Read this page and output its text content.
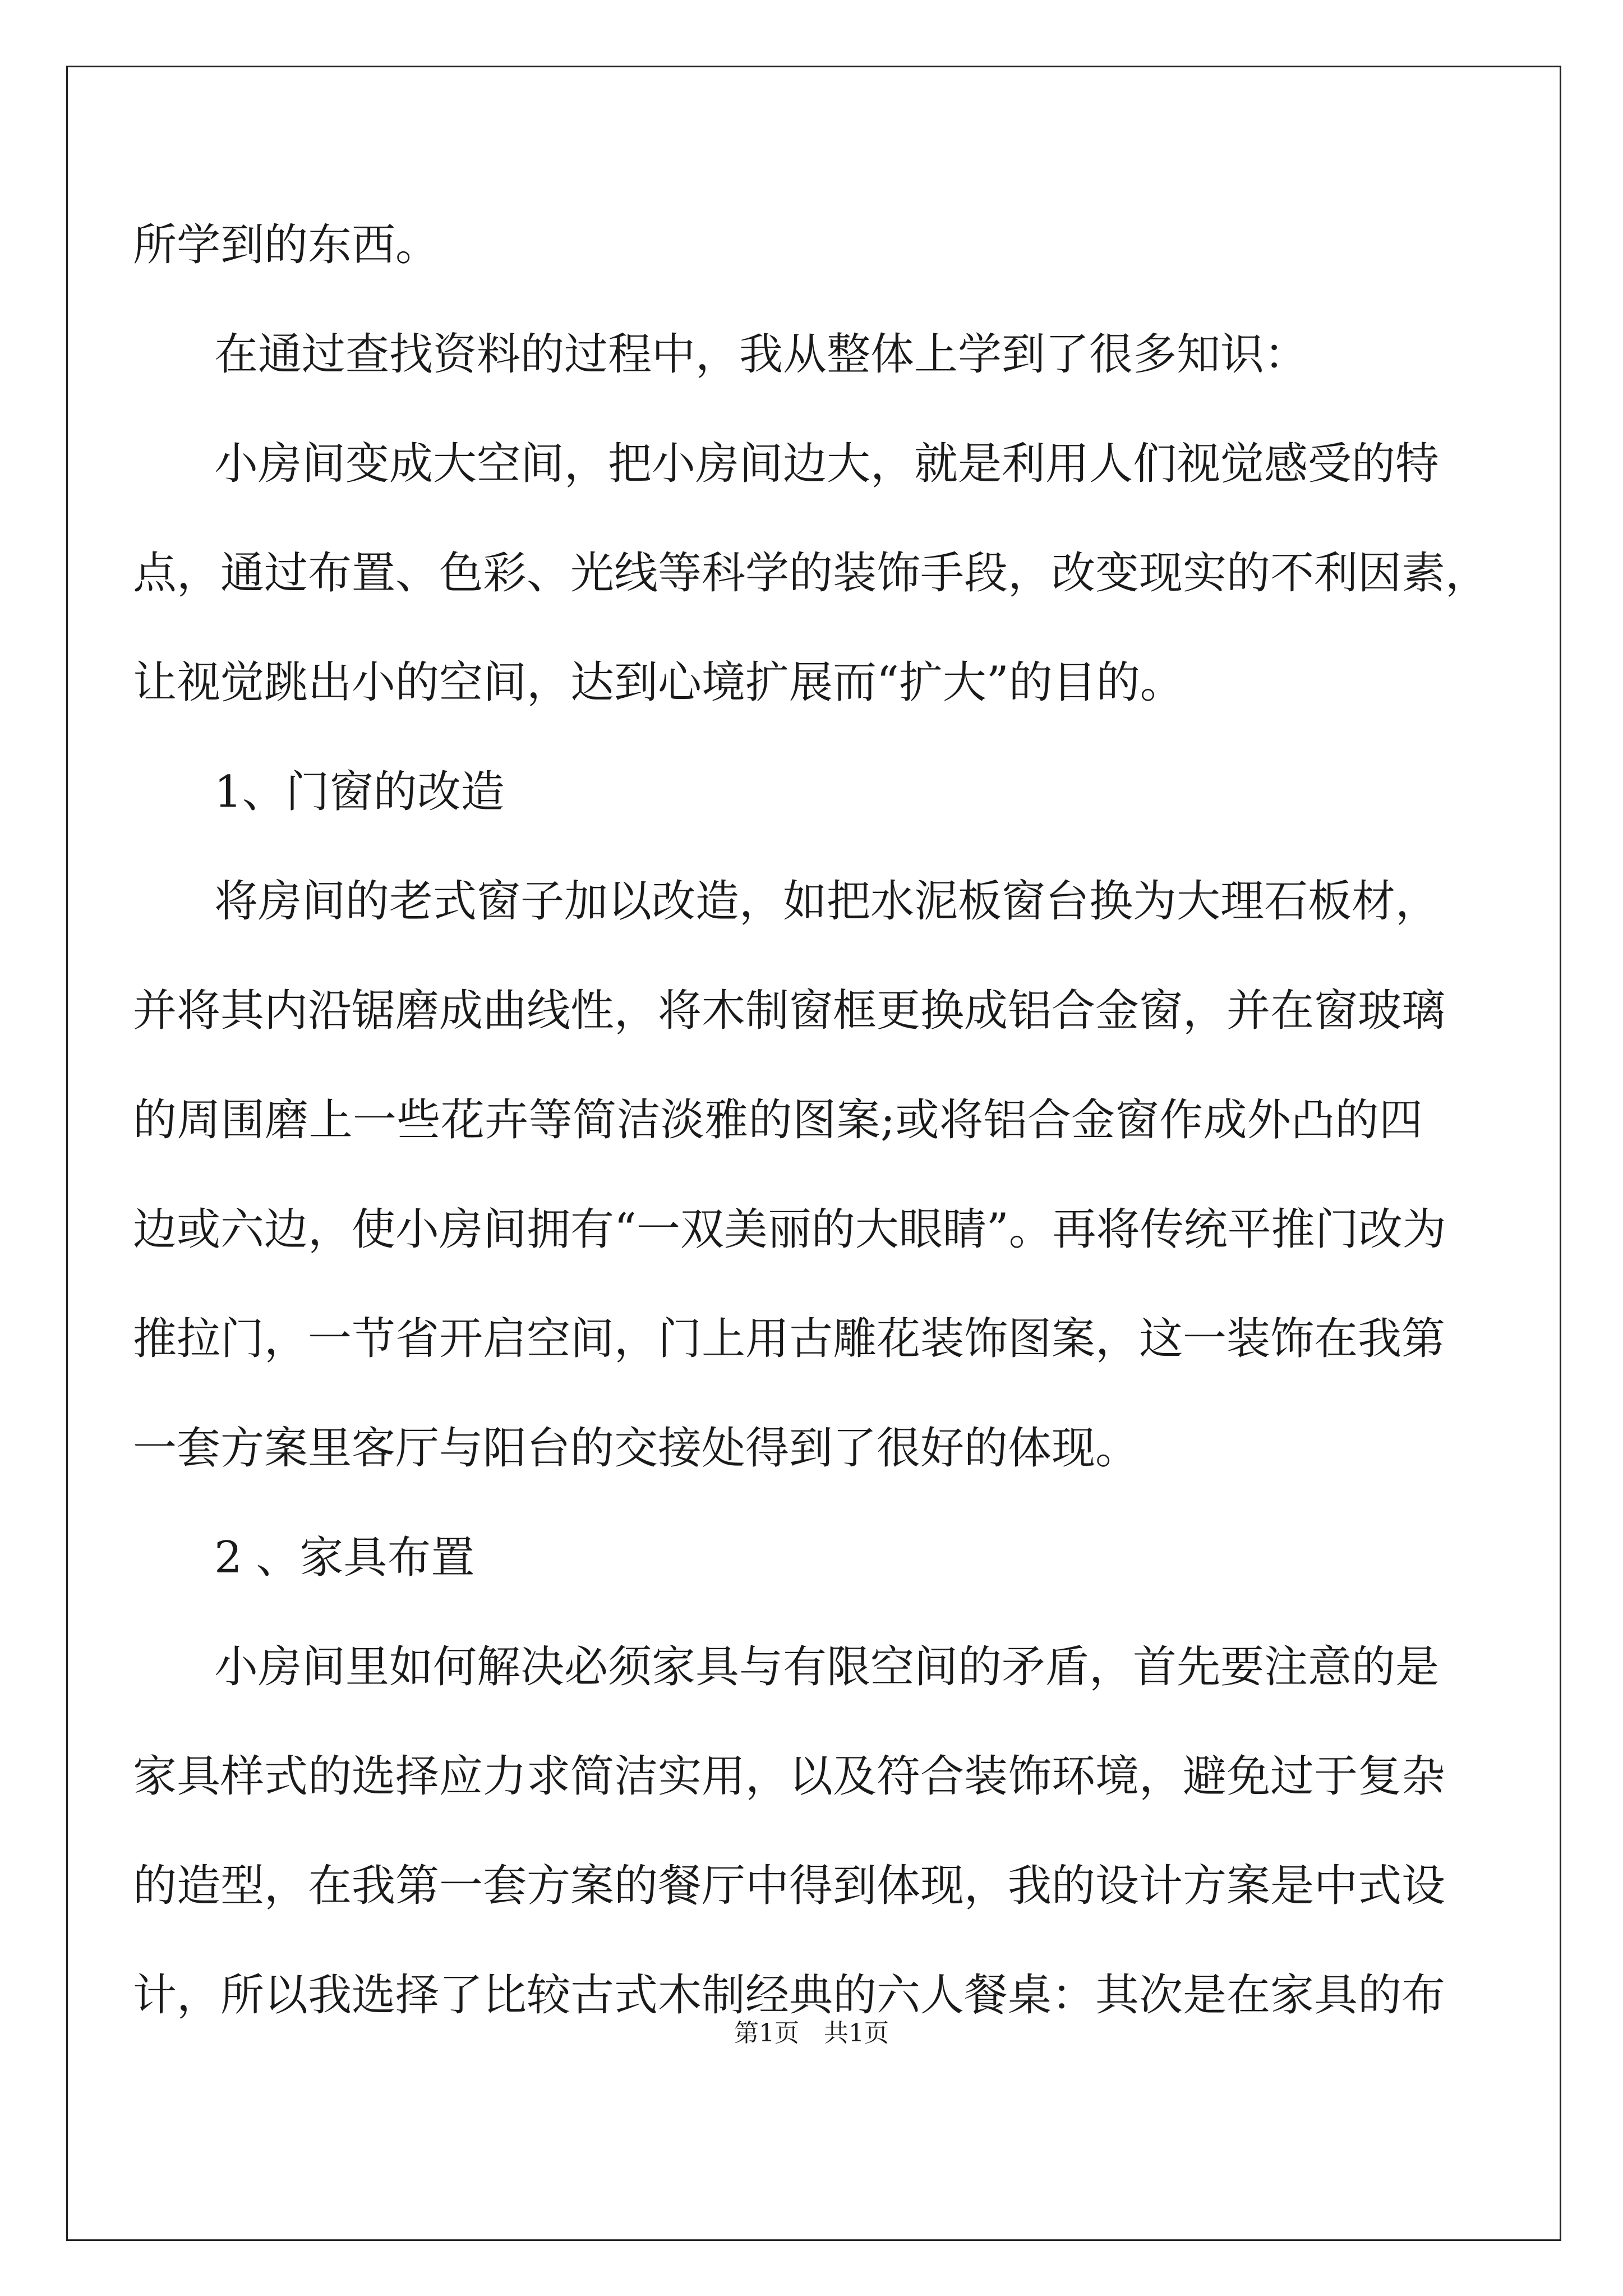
所学到的东西。
在通过查找资料的过程中，我从整体上学到了很多知识：
小房间变成大空间，把小房间边大，就是利用人们视觉感受的特
点，通过布置、色彩、光线等科学的装饰手段，改变现实的不利因素，
让视觉跳出小的空间，达到心境扩展而“扩大”的目的。
1、门窗的改造
将房间的老式窗子加以改造，如把水泥板窗台换为大理石板材，
并将其内沿锯磨成曲线性，将木制窗框更换成铝合金窗，并在窗玻璃
的周围磨上一些花卉等简洁淡雅的图案;或将铝合金窗作成外凸的四
边或六边，使小房间拥有“一双美丽的大眼睛”。再将传统平推门改为
推拉门，一节省开启空间，门上用古雕花装饰图案，这一装饰在我第
一套方案里客厅与阳台的交接处得到了很好的体现。
2 、家具布置
小房间里如何解决必须家具与有限空间的矛盾，首先要注意的是
家具样式的选择应力求简洁实用，以及符合装饰环境，避免过于复杂
的造型，在我第一套方案的餐厅中得到体现，我的设计方案是中式设
计，所以我选择了比较古式木制经典的六人餐桌：其次是在家具的布
第1页　共1页
